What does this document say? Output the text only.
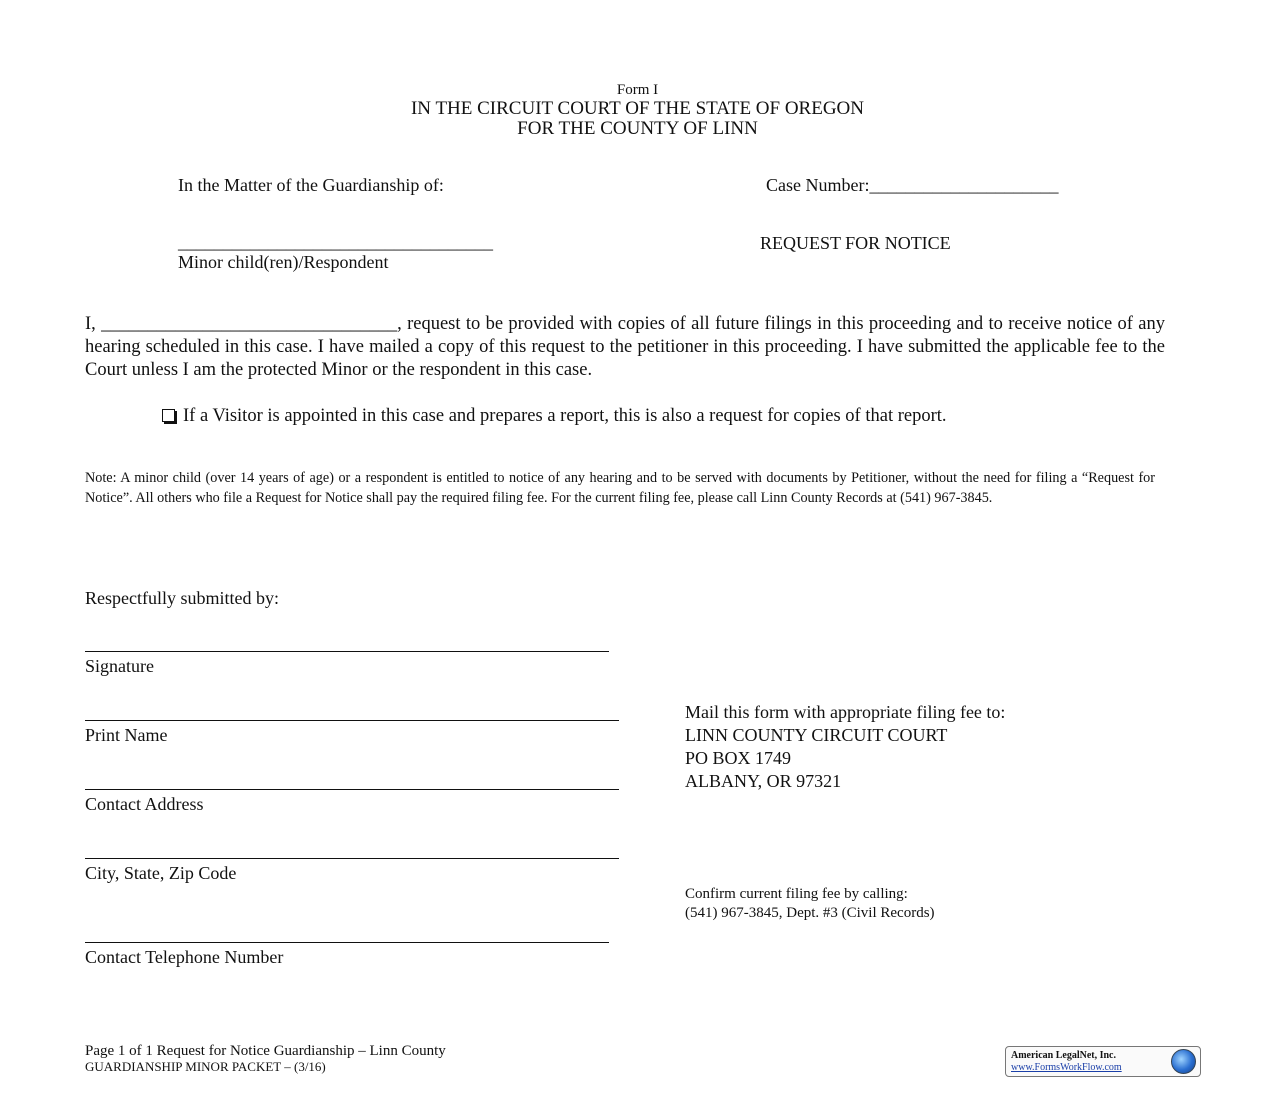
Form I
IN THE CIRCUIT COURT OF THE STATE OF OREGON
FOR THE COUNTY OF LINN
In the Matter of the Guardianship of:	Case Number:_____________________
___________________________________
Minor child(ren)/Respondent
REQUEST FOR NOTICE
I, ________________________________, request to be provided with copies of all future filings in this proceeding and to receive notice of any hearing scheduled in this case. I have mailed a copy of this request to the petitioner in this proceeding. I have submitted the applicable fee to the Court unless I am the protected Minor or the respondent in this case.
If a Visitor is appointed in this case and prepares a report, this is also a request for copies of that report.
Note: A minor child (over 14 years of age) or a respondent is entitled to notice of any hearing and to be served with documents by Petitioner, without the need for filing a “Request for Notice”. All others who file a Request for Notice shall pay the required filing fee. For the current filing fee, please call Linn County Records at (541) 967-3845.
Respectfully submitted by:
Signature
Print Name
Contact Address
City, State, Zip Code
Contact Telephone Number
Mail this form with appropriate filing fee to:
LINN COUNTY CIRCUIT COURT
PO BOX 1749
ALBANY, OR 97321
Confirm current filing fee by calling:
(541) 967-3845, Dept. #3 (Civil Records)
Page 1 of 1 Request for Notice Guardianship – Linn County
GUARDIANSHIP MINOR PACKET – (3/16)
American LegalNet, Inc.
www.FormsWorkFlow.com
